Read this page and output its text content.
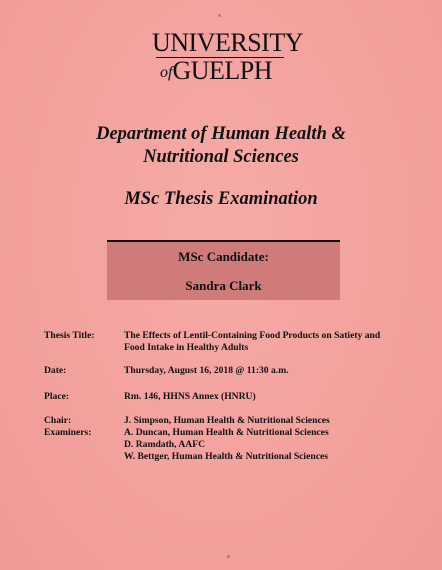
UNIVERSITY
ofGUELPH
Department of Human Health &
Nutritional Sciences
MSc Thesis Examination
MSc Candidate:
Sandra Clark
Thesis Title:	The Effects of Lentil-Containing Food Products on Satiety and
Food Intake in Healthy Adults
Date:	Thursday, August 16, 2018 @ 11:30 a.m.
Place:	Rm. 146, HHNS Annex (HNRU)
Chair:	J. Simpson, Human Health & Nutritional Sciences
Examiners:	A. Duncan, Human Health & Nutritional Sciences
D. Ramdath, AAFC
W. Bettger, Human Health & Nutritional Sciences
